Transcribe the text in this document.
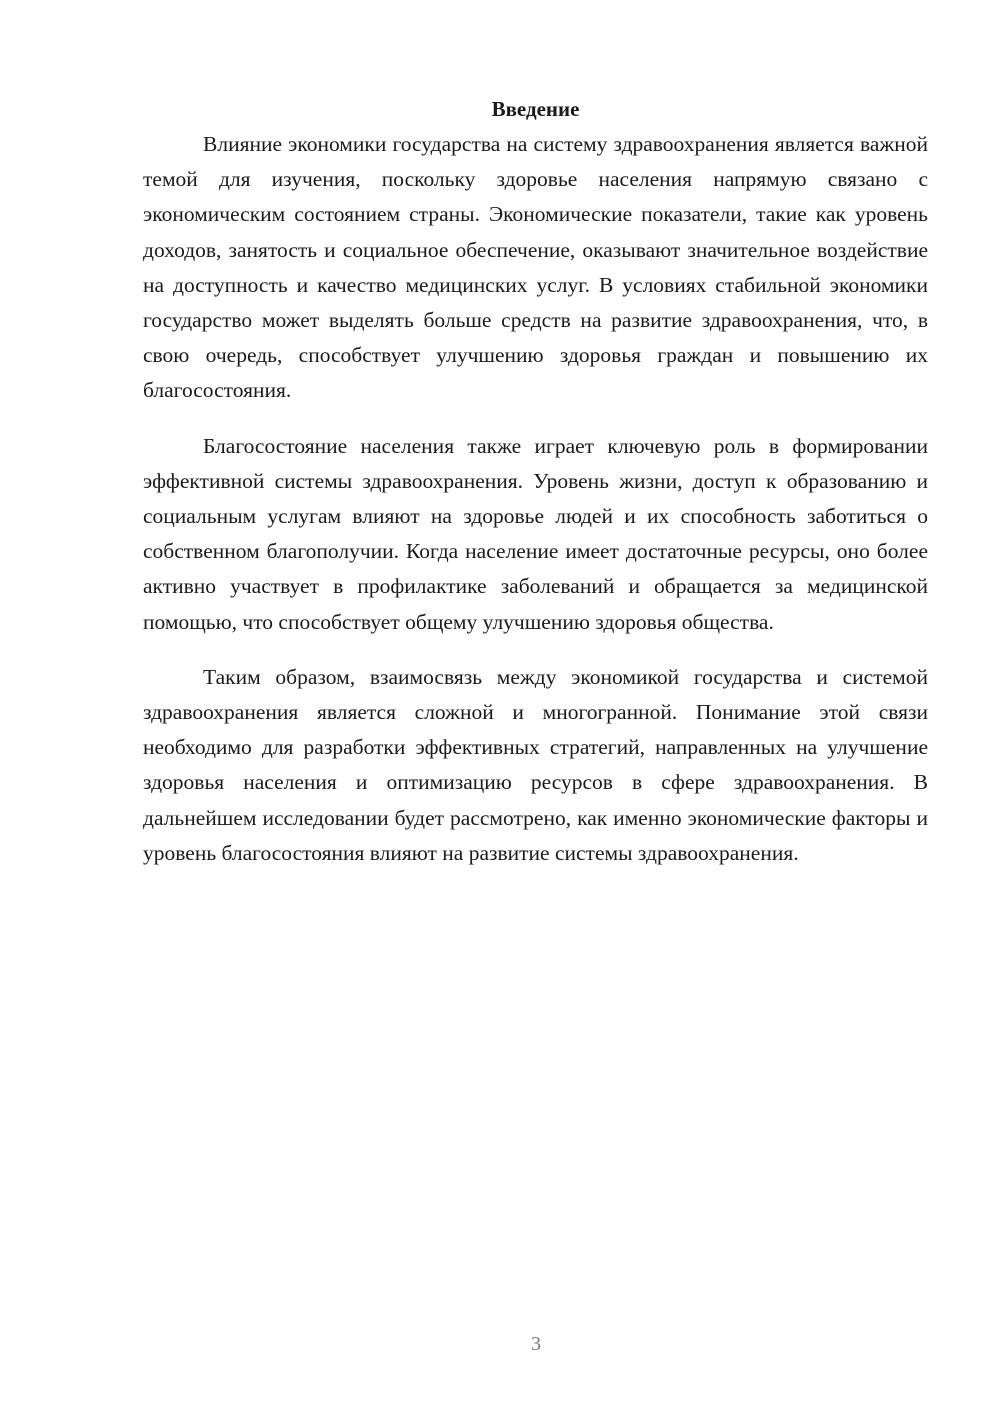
Введение

Влияние экономики государства на систему здравоохранения является важной темой для изучения, поскольку здоровье населения напрямую связано с экономическим состоянием страны. Экономические показатели, такие как уровень доходов, занятость и социальное обеспечение, оказывают значительное воздействие на доступность и качество медицинских услуг. В условиях стабильной экономики государство может выделять больше средств на развитие здравоохранения, что, в свою очередь, способствует улучшению здоровья граждан и повышению их благосостояния.

Благосостояние населения также играет ключевую роль в формировании эффективной системы здравоохранения. Уровень жизни, доступ к образованию и социальным услугам влияют на здоровье людей и их способность заботиться о собственном благополучии. Когда население имеет достаточные ресурсы, оно более активно участвует в профилактике заболеваний и обращается за медицинской помощью, что способствует общему улучшению здоровья общества.

Таким образом, взаимосвязь между экономикой государства и системой здравоохранения является сложной и многогранной. Понимание этой связи необходимо для разработки эффективных стратегий, направленных на улучшение здоровья населения и оптимизацию ресурсов в сфере здравоохранения. В дальнейшем исследовании будет рассмотрено, как именно экономические факторы и уровень благосостояния влияют на развитие системы здравоохранения.

3
